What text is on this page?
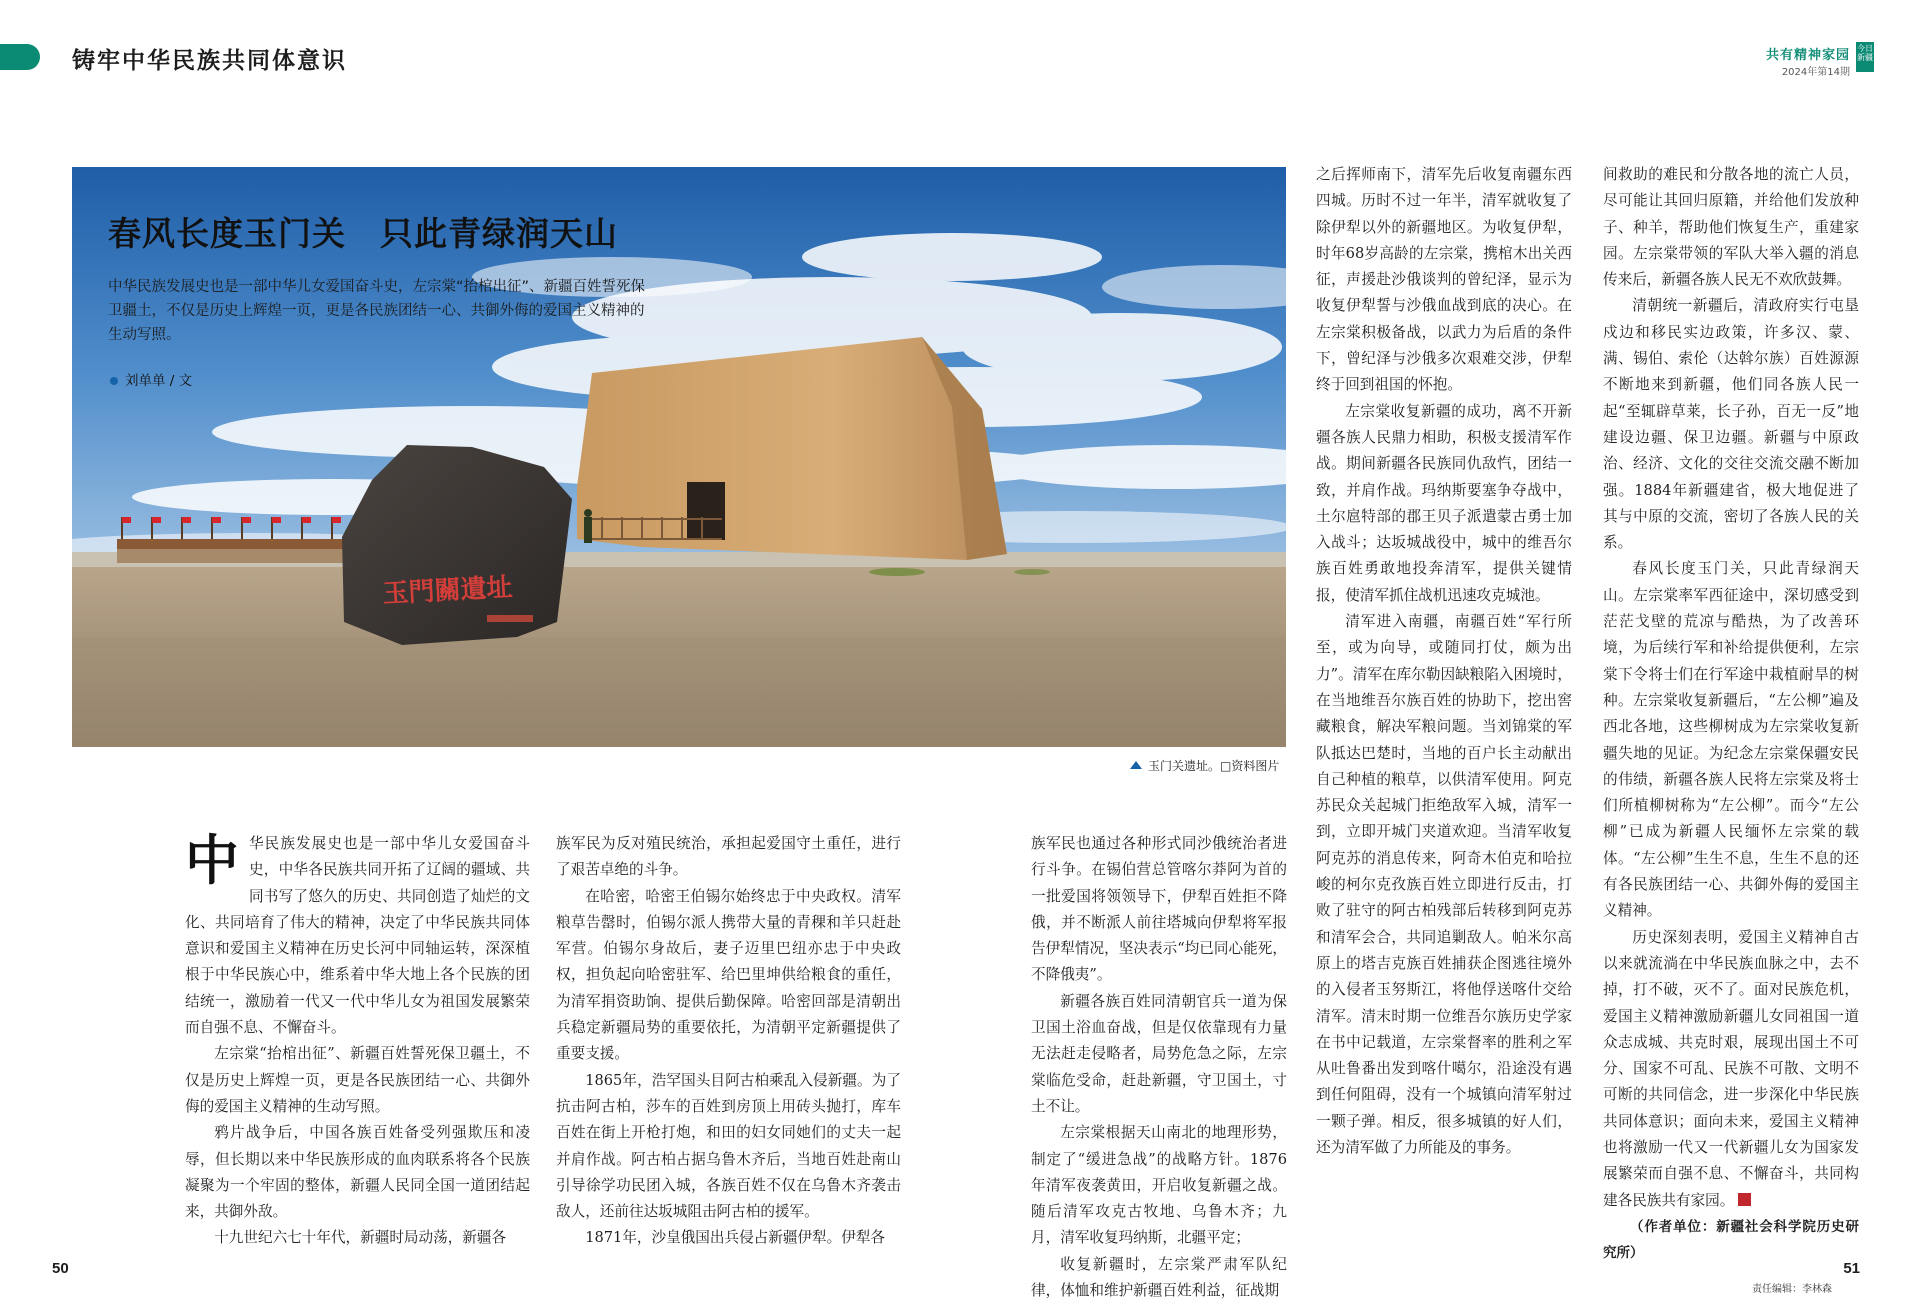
铸牢中华民族共同体意识	共有精神家园
2024年第14期
今日新疆
玉門關遺址
春风长度玉门关　只此青绿润天山
中华民族发展史也是一部中华儿女爱国奋斗史，左宗棠“抬棺出征”、新疆百姓誓死保卫疆土，不仅是历史上辉煌一页，更是各民族团结一心、共御外侮的爱国主义精神的生动写照。
刘单单 / 文
玉门关遗址。□资料图片

中华民族发展史也是一部中华儿女爱国奋斗史，中华各民族共同开拓了辽阔的疆域、共同书写了悠久的历史、共同创造了灿烂的文化、共同培育了伟大的精神，决定了中华民族共同体意识和爱国主义精神在历史长河中同轴运转，深深植根于中华民族心中，维系着中华大地上各个民族的团结统一，激励着一代又一代中华儿女为祖国发展繁荣而自强不息、不懈奋斗。

左宗棠“抬棺出征”、新疆百姓誓死保卫疆土，不仅是历史上辉煌一页，更是各民族团结一心、共御外侮的爱国主义精神的生动写照。

鸦片战争后，中国各族百姓备受列强欺压和凌辱，但长期以来中华民族形成的血肉联系将各个民族凝聚为一个牢固的整体，新疆人民同全国一道团结起来，共御外敌。

十九世纪六七十年代，新疆时局动荡，新疆各

族军民为反对殖民统治，承担起爱国守土重任，进行了艰苦卓绝的斗争。

在哈密，哈密王伯锡尔始终忠于中央政权。清军粮草告罄时，伯锡尔派人携带大量的青稞和羊只赶赴军营。伯锡尔身故后，妻子迈里巴纽亦忠于中央政权，担负起向哈密驻军、给巴里坤供给粮食的重任，为清军捐资助饷、提供后勤保障。哈密回部是清朝出兵稳定新疆局势的重要依托，为清朝平定新疆提供了重要支援。

1865年，浩罕国头目阿古柏乘乱入侵新疆。为了抗击阿古柏，莎车的百姓到房顶上用砖头抛打，库车百姓在街上开枪打炮，和田的妇女同她们的丈夫一起并肩作战。阿古柏占据乌鲁木齐后，当地百姓赴南山引导徐学功民团入城，各族百姓不仅在乌鲁木齐袭击敌人，还前往达坂城阻击阿古柏的援军。

1871年，沙皇俄国出兵侵占新疆伊犁。伊犁各

族军民也通过各种形式同沙俄统治者进行斗争。在锡伯营总管喀尔莽阿为首的一批爱国将领领导下，伊犁百姓拒不降俄，并不断派人前往塔城向伊犁将军报告伊犁情况，坚决表示“均已同心能死，不降俄夷”。

新疆各族百姓同清朝官兵一道为保卫国土浴血奋战，但是仅依靠现有力量无法赶走侵略者，局势危急之际，左宗棠临危受命，赶赴新疆，守卫国土，寸土不让。

左宗棠根据天山南北的地理形势，制定了“缓进急战”的战略方针。1876年清军夜袭黄田，开启收复新疆之战。随后清军攻克古牧地、乌鲁木齐；九月，清军收复玛纳斯，北疆平定；

收复新疆时，左宗棠严肃军队纪律，体恤和维护新疆百姓利益，征战期

之后挥师南下，清军先后收复南疆东西四城。历时不过一年半，清军就收复了除伊犁以外的新疆地区。为收复伊犁，时年68岁高龄的左宗棠，携棺木出关西征，声援赴沙俄谈判的曾纪泽，显示为收复伊犁誓与沙俄血战到底的决心。在左宗棠积极备战，以武力为后盾的条件下，曾纪泽与沙俄多次艰难交涉，伊犁终于回到祖国的怀抱。

左宗棠收复新疆的成功，离不开新疆各族人民鼎力相助，积极支援清军作战。期间新疆各民族同仇敌忾，团结一致，并肩作战。玛纳斯要塞争夺战中，土尔扈特部的郡王贝子派遣蒙古勇士加入战斗；达坂城战役中，城中的维吾尔族百姓勇敢地投奔清军，提供关键情报，使清军抓住战机迅速攻克城池。

清军进入南疆，南疆百姓“军行所至，或为向导，或随同打仗，颇为出力”。清军在库尔勒因缺粮陷入困境时，在当地维吾尔族百姓的协助下，挖出窖藏粮食，解决军粮问题。当刘锦棠的军队抵达巴楚时，当地的百户长主动献出自己种植的粮草，以供清军使用。阿克苏民众关起城门拒绝敌军入城，清军一到，立即开城门夹道欢迎。当清军收复阿克苏的消息传来，阿奇木伯克和哈拉峻的柯尔克孜族百姓立即进行反击，打败了驻守的阿古柏残部后转移到阿克苏和清军会合，共同追剿敌人。帕米尔高原上的塔吉克族百姓捕获企图逃往境外的入侵者玉努斯江，将他俘送喀什交给清军。清末时期一位维吾尔族历史学家在书中记载道，左宗棠督率的胜利之军从吐鲁番出发到喀什噶尔，沿途没有遇到任何阻碍，没有一个城镇向清军射过一颗子弹。相反，很多城镇的好人们，还为清军做了力所能及的事务。

间救助的难民和分散各地的流亡人员，尽可能让其回归原籍，并给他们发放种子、种羊，帮助他们恢复生产，重建家园。左宗棠带领的军队大举入疆的消息传来后，新疆各族人民无不欢欣鼓舞。

清朝统一新疆后，清政府实行屯垦戍边和移民实边政策，许多汉、蒙、满、锡伯、索伦（达斡尔族）百姓源源不断地来到新疆，他们同各族人民一起“至辄辟草莱，长子孙，百无一反”地建设边疆、保卫边疆。新疆与中原政治、经济、文化的交往交流交融不断加强。1884年新疆建省，极大地促进了其与中原的交流，密切了各族人民的关系。

春风长度玉门关，只此青绿润天山。左宗棠率军西征途中，深切感受到茫茫戈壁的荒凉与酷热，为了改善环境，为后续行军和补给提供便利，左宗棠下令将士们在行军途中栽植耐旱的树种。左宗棠收复新疆后，“左公柳”遍及西北各地，这些柳树成为左宗棠收复新疆失地的见证。为纪念左宗棠保疆安民的伟绩，新疆各族人民将左宗棠及将士们所植柳树称为“左公柳”。而今“左公柳”已成为新疆人民缅怀左宗棠的载体。“左公柳”生生不息，生生不息的还有各民族团结一心、共御外侮的爱国主义精神。

历史深刻表明，爱国主义精神自古以来就流淌在中华民族血脉之中，去不掉，打不破，灭不了。面对民族危机，爱国主义精神激励新疆儿女同祖国一道众志成城、共克时艰，展现出国土不可分、国家不可乱、民族不可散、文明不可断的共同信念，进一步深化中华民族共同体意识；面向未来，爱国主义精神也将激励一代又一代新疆儿女为国家发展繁荣而自强不息、不懈奋斗，共同构建各民族共有家园。

（作者单位：新疆社会科学院历史研究所）

50	51
责任编辑：李林森
